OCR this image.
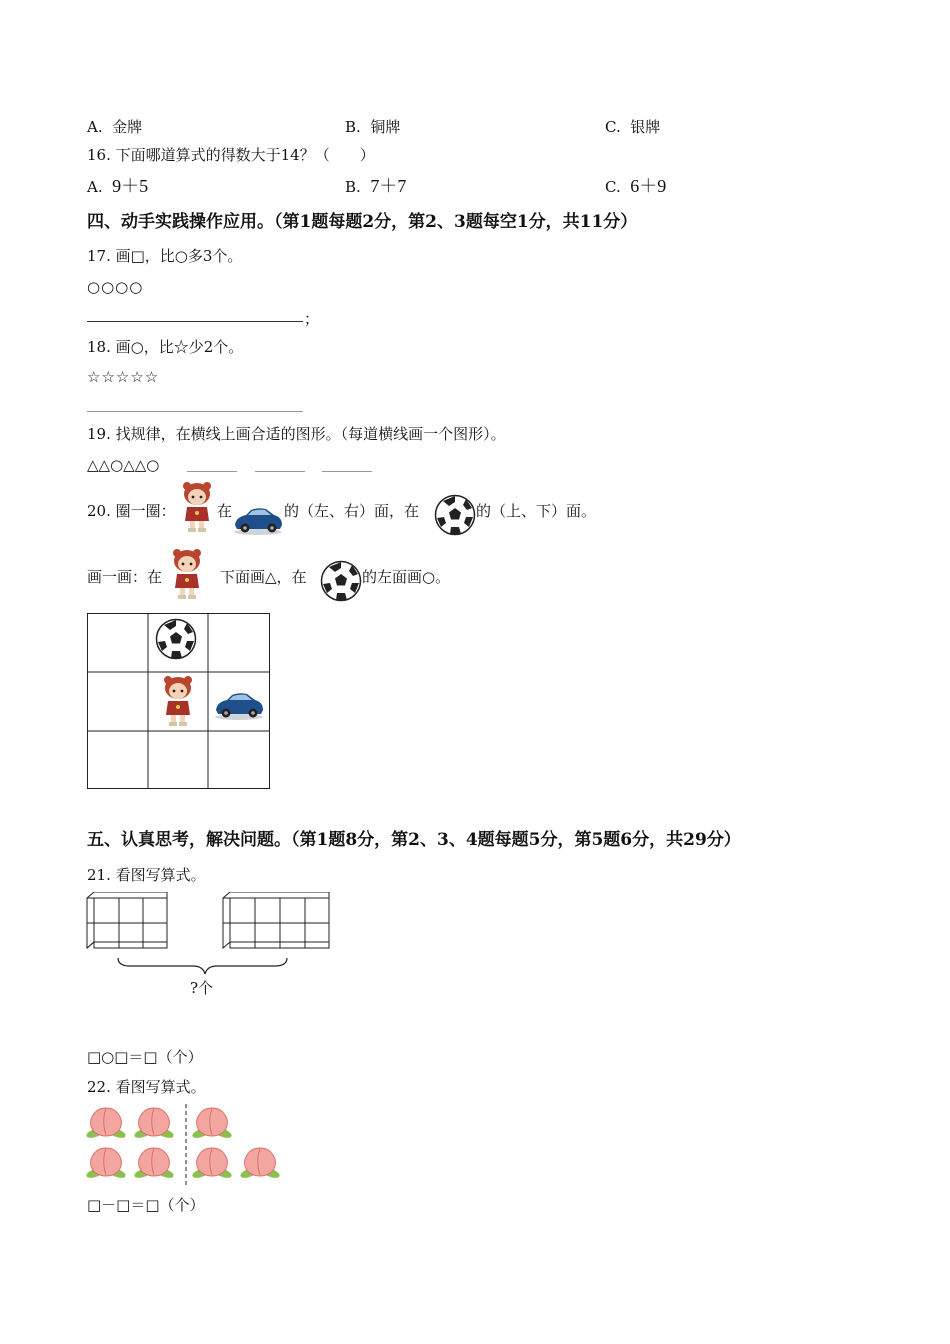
A. 金牌	B. 铜牌	C. 银牌
16. 下面哪道算式的得数大于14？（　　）
A. 9＋5	B. 7＋7	C. 6＋9
四、动手实践操作应用。（第1题每题2分，第2、3题每空1分，共11分）
17. 画□，比○多3个。
○○○○
；
18. 画○，比☆少2个。
☆☆☆☆☆
19. 找规律，在横线上画合适的图形。（每道横线画一个图形）。
△△○△△○
20. 圈一圈：	在	的（左、右）面，在	的（上、下）面。
画一画：在	下面画△，在	的左面画○。
五、认真思考，解决问题。（第1题8分，第2、3、4题每题5分，第5题6分，共29分）
21. 看图写算式。
?个
□○□＝□（个）
22. 看图写算式。
□－□＝□（个）
